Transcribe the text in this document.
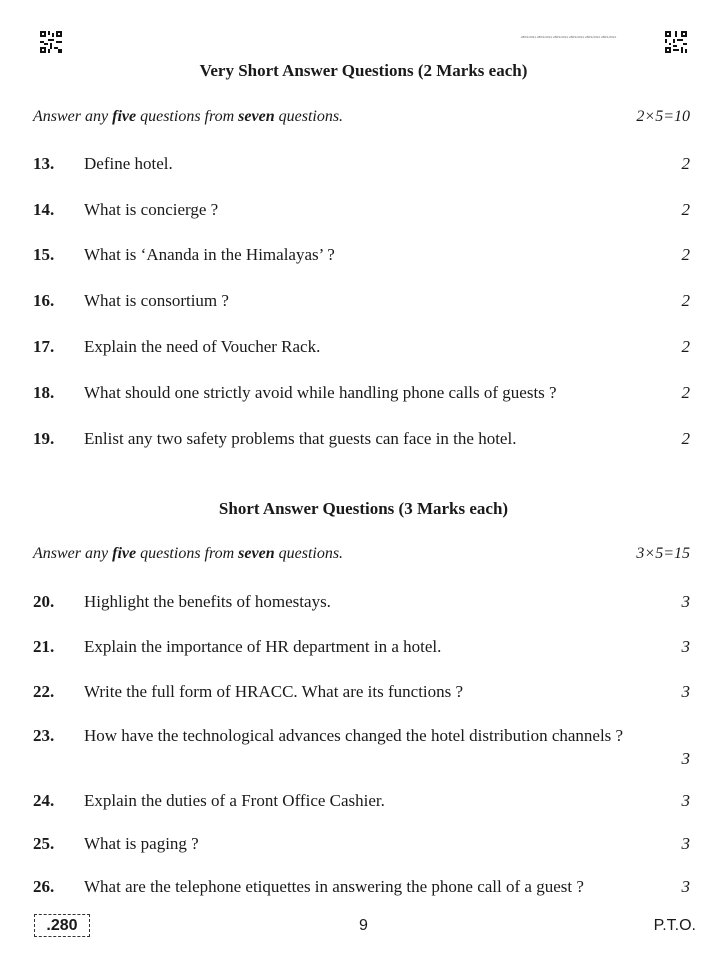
·280/1/2021·280/1/2021·280/1/2021·280/1/2021·280/1/2021·280/1/2021·
Very Short Answer Questions (2 Marks each)
Answer any five questions from seven questions.	2×5=10
13. Define hotel.	2
14. What is concierge ?	2
15. What is ‘Ananda in the Himalayas’ ?	2
16. What is consortium ?	2
17. Explain the need of Voucher Rack.	2
18. What should one strictly avoid while handling phone calls of guests ?	2
19. Enlist any two safety problems that guests can face in the hotel.	2
Short Answer Questions (3 Marks each)
Answer any five questions from seven questions.	3×5=15
20. Highlight the benefits of homestays.	3
21. Explain the importance of HR department in a hotel.	3
22. Write the full form of HRACC. What are its functions ?	3
23. How have the technological advances changed the hotel distribution channels ?
3
24. Explain the duties of a Front Office Cashier.	3
25. What is paging ?	3
26. What are the telephone etiquettes in answering the phone call of a guest ?	3
.280	9	P.T.O.
